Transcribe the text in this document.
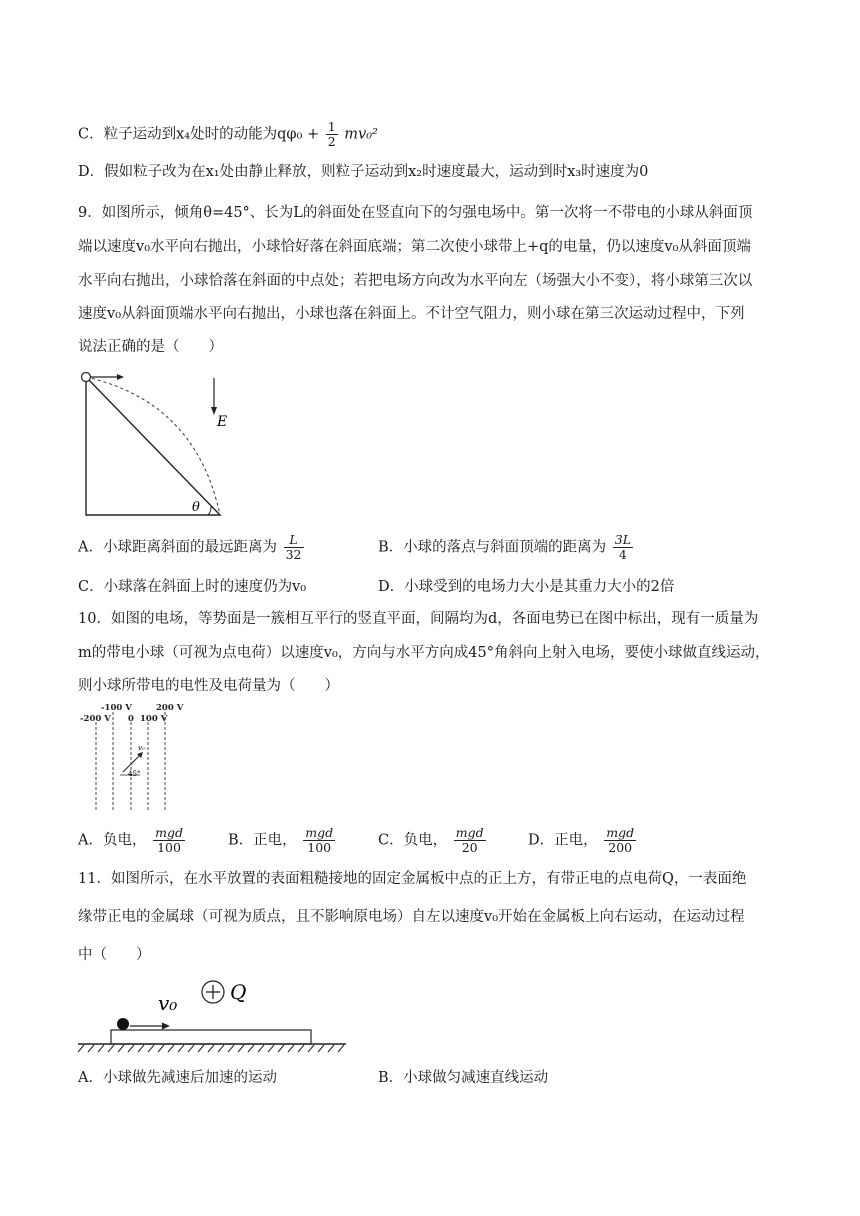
C．粒子运动到x₄处时的动能为$q\varphi_0 + \frac{1}{2} mv_0^2$
D．假如粒子改为在x₁处由静止释放，则粒子运动到x₂时速度最大，运动到时x₃时速度为0
9．如图所示，倾角θ=45°、长为L的斜面处在竖直向下的匀强电场中。第一次将一不带电的小球从斜面顶
端以速度v₀水平向右抛出，小球恰好落在斜面底端；第二次使小球带上+q的电量，仍以速度v₀从斜面顶端
水平向右抛出，小球恰落在斜面的中点处；若把电场方向改为水平向左（场强大小不变），将小球第三次以
速度v₀从斜面顶端水平向右抛出，小球也落在斜面上。不计空气阻力，则小球在第三次运动过程中，下列
说法正确的是（　　）
E
θ
A．小球距离斜面的最远距离为 $\frac{L}{32}$	B．小球的落点与斜面顶端的距离为 $\frac{3L}{4}$
C．小球落在斜面上时的速度仍为v₀	D．小球受到的电场力大小是其重力大小的2倍
10．如图的电场，等势面是一簇相互平行的竖直平面，间隔均为d，各面电势已在图中标出，现有一质量为
m的带电小球（可视为点电荷）以速度v₀，方向与水平方向成45°角斜向上射入电场，要使小球做直线运动，
则小球所带电的电性及电荷量为（　　）
-100 V	200 V
-200 V 0 100 V
v₀
45°
A．负电， $\frac{\text{mgd}}{100}$	B．正电， $\frac{\text{mgd}}{100}$	C．负电， $\frac{\text{mgd}}{20}$	D．正电， $\frac{\text{mgd}}{200}$
11．如图所示，在水平放置的表面粗糙接地的固定金属板中点的正上方，有带正电的点电荷Q，一表面绝
缘带正电的金属球（可视为质点，且不影响原电场）自左以速度v₀开始在金属板上向右运动，在运动过程
中（　　）
v₀	Q
A．小球做先减速后加速的运动	B．小球做匀减速直线运动
